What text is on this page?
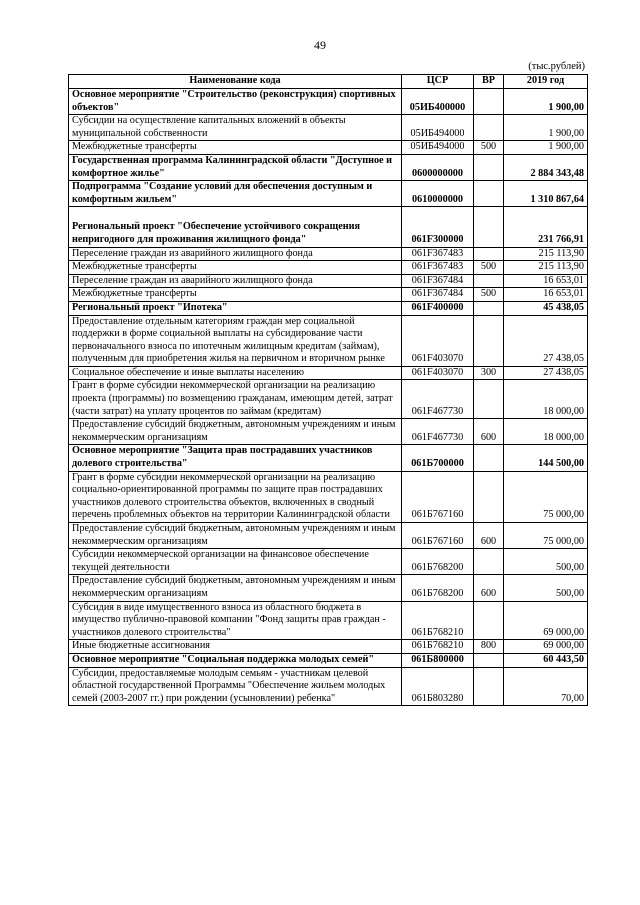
49
(тыс.рублей)
Наименование кода	ЦСР	ВР	2019 год
Основное мероприятие "Строительство (реконструкция) спортивных объектов"	05ИБ400000		1 900,00
Субсидии на осуществление капитальных вложений в объекты муниципальной собственности	05ИБ494000		1 900,00
Межбюджетные трансферты	05ИБ494000	500	1 900,00
Государственная программа Калининградской области "Доступное и комфортное жилье"	0600000000		2 884 343,48
Подпрограмма "Создание условий для обеспечения доступным и комфортным жильем"	0610000000		1 310 867,64
Региональный проект "Обеспечение устойчивого сокращения непригодного для проживания жилищного фонда"	061F300000		231 766,91
Переселение граждан из аварийного жилищного фонда	061F367483		215 113,90
Межбюджетные трансферты	061F367483	500	215 113,90
Переселение граждан из аварийного жилищного фонда	061F367484		16 653,01
Межбюджетные трансферты	061F367484	500	16 653,01
Региональный проект "Ипотека"	061F400000		45 438,05
Предоставление отдельным категориям граждан мер социальной поддержки в форме социальной выплаты на субсидирование части первоначального взноса по ипотечным жилищным кредитам (займам), полученным для приобретения жилья на первичном и вторичном рынке	061F403070		27 438,05
Социальное обеспечение и иные выплаты населению	061F403070	300	27 438,05
Грант в форме субсидии некоммерческой организации на реализацию проекта (программы) по возмещению гражданам, имеющим детей, затрат (части затрат) на уплату процентов по займам (кредитам)	061F467730		18 000,00
Предоставление субсидий бюджетным, автономным учреждениям и иным некоммерческим организациям	061F467730	600	18 000,00
Основное мероприятие "Защита прав пострадавших участников долевого строительства"	061Б700000		144 500,00
Грант в форме субсидии некоммерческой организации на реализацию социально-ориентированной программы по защите прав пострадавших участников долевого строительства объектов, включенных в сводный перечень проблемных объектов на территории Калининградской области	061Б767160		75 000,00
Предоставление субсидий бюджетным, автономным учреждениям и иным некоммерческим организациям	061Б767160	600	75 000,00
Субсидии некоммерческой организации на финансовое обеспечение текущей деятельности	061Б768200		500,00
Предоставление субсидий бюджетным, автономным учреждениям и иным некоммерческим организациям	061Б768200	600	500,00
Субсидия в виде имущественного взноса из областного бюджета в имущество публично-правовой компании "Фонд защиты прав граждан - участников долевого строительства"	061Б768210		69 000,00
Иные бюджетные ассигнования	061Б768210	800	69 000,00
Основное мероприятие "Социальная поддержка молодых семей"	061Б800000		60 443,50
Субсидии, предоставляемые молодым семьям - участникам целевой областной государственной Программы "Обеспечение жильем молодых семей (2003-2007 гг.) при рождении (усыновлении) ребенка"	061Б803280		70,00
